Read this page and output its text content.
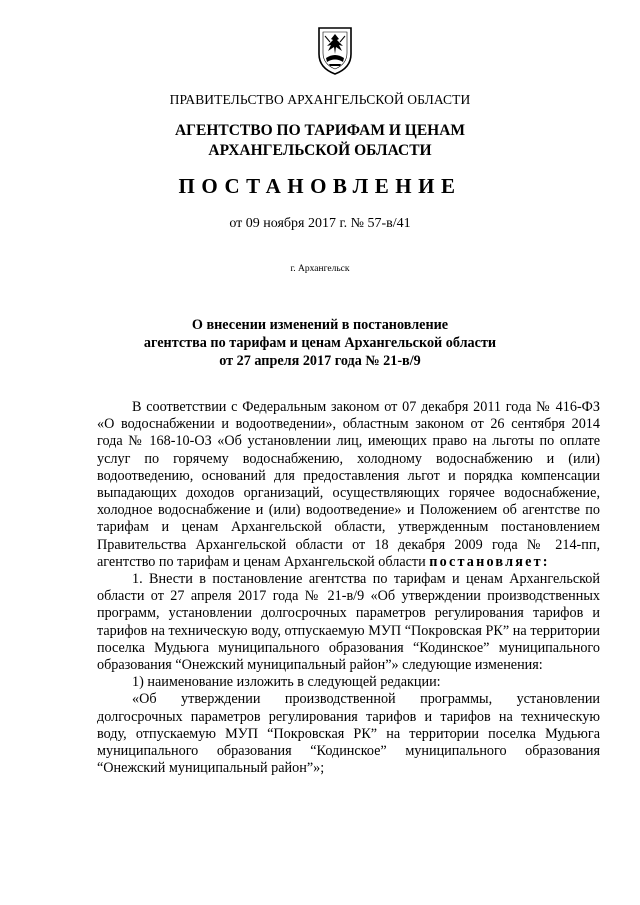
ПРАВИТЕЛЬСТВО АРХАНГЕЛЬСКОЙ ОБЛАСТИ
АГЕНТСТВО ПО ТАРИФАМ И ЦЕНАМ
АРХАНГЕЛЬСКОЙ ОБЛАСТИ
ПОСТАНОВЛЕНИЕ
от 09 ноября 2017 г. № 57-в/41
г. Архангельск
О внесении изменений в постановление
агентства по тарифам и ценам Архангельской области
от 27 апреля 2017 года № 21-в/9

В соответствии с Федеральным законом от 07 декабря 2011 года № 416-ФЗ «О водоснабжении и водоотведении», областным законом от 26 сентября 2014 года № 168-10-ОЗ «Об установлении лиц, имеющих право на льготы по оплате услуг по горячему водоснабжению, холодному водоснабжению и (или) водоотведению, оснований для предоставления льгот и порядка компенсации выпадающих доходов организаций, осуществляющих горячее водоснабжение, холодное водоснабжение и (или) водоотведение» и Положением об агентстве по тарифам и ценам Архангельской области, утвержденным постановлением Правительства Архангельской области от 18 декабря 2009 года № 214-пп, агентство по тарифам и ценам Архангельской области постановляет:

1. Внести в постановление агентства по тарифам и ценам Архангельской области от 27 апреля 2017 года № 21-в/9 «Об утверждении производственных программ, установлении долгосрочных параметров регулирования тарифов и тарифов на техническую воду, отпускаемую МУП “Покровская РК” на территории поселка Мудьюга муниципального образования “Кодинское” муниципального образования “Онежский муниципальный район”» следующие изменения:

1) наименование изложить в следующей редакции:

«Об утверждении производственной программы, установлении долгосрочных параметров регулирования тарифов и тарифов на техническую воду, отпускаемую МУП “Покровская РК” на территории поселка Мудьюга муниципального образования “Кодинское” муниципального образования “Онежский муниципальный район”»;
